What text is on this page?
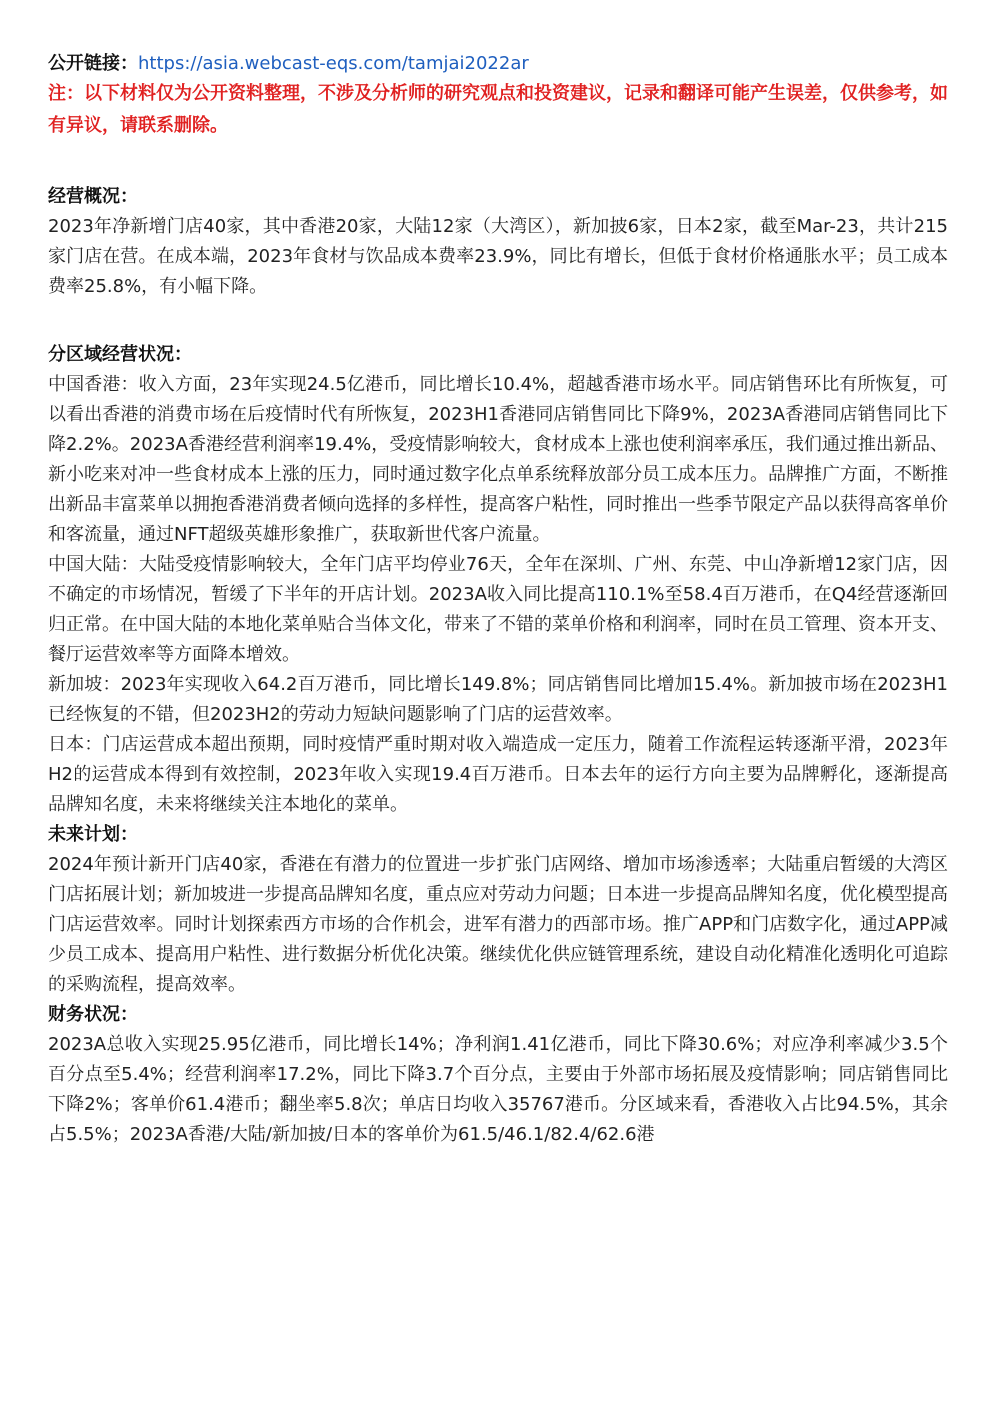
公开链接：https://asia.webcast-eqs.com/tamjai2022ar

注：以下材料仅为公开资料整理，不涉及分析师的研究观点和投资建议，记录和翻译可能产生误差，仅供参考，如有异议，请联系删除。

经营概况：

2023年净新增门店40家，其中香港20家，大陆12家（大湾区），新加披6家，日本2家，截至Mar-23，共计215家门店在营。在成本端，2023年食材与饮品成本费率23.9%，同比有增长，但低于食材价格通胀水平；员工成本费率25.8%，有小幅下降。

分区域经营状况：

中国香港：收入方面，23年实现24.5亿港币，同比增长10.4%，超越香港市场水平。同店销售环比有所恢复，可以看出香港的消费市场在后疫情时代有所恢复，2023H1香港同店销售同比下降9%，2023A香港同店销售同比下降2.2%。2023A香港经营利润率19.4%，受疫情影响较大，食材成本上涨也使利润率承压，我们通过推出新品、新小吃来对冲一些食材成本上涨的压力，同时通过数字化点单系统释放部分员工成本压力。品牌推广方面，不断推出新品丰富菜单以拥抱香港消费者倾向选择的多样性，提高客户粘性，同时推出一些季节限定产品以获得高客单价和客流量，通过NFT超级英雄形象推广，获取新世代客户流量。

中国大陆：大陆受疫情影响较大，全年门店平均停业76天，全年在深圳、广州、东莞、中山净新增12家门店，因不确定的市场情况，暂缓了下半年的开店计划。2023A收入同比提高110.1%至58.4百万港币，在Q4经营逐渐回归正常。在中国大陆的本地化菜单贴合当体文化，带来了不错的菜单价格和利润率，同时在员工管理、资本开支、餐厅运营效率等方面降本增效。

新加坡：2023年实现收入64.2百万港币，同比增长149.8%；同店销售同比增加15.4%。新加披市场在2023H1已经恢复的不错，但2023H2的劳动力短缺问题影响了门店的运营效率。

日本：门店运营成本超出预期，同时疫情严重时期对收入端造成一定压力，随着工作流程运转逐渐平滑，2023年H2的运营成本得到有效控制，2023年收入实现19.4百万港币。日本去年的运行方向主要为品牌孵化，逐渐提高品牌知名度，未来将继续关注本地化的菜单。

未来计划：

2024年预计新开门店40家，香港在有潜力的位置进一步扩张门店网络、增加市场渗透率；大陆重启暂缓的大湾区门店拓展计划；新加坡进一步提高品牌知名度，重点应对劳动力问题；日本进一步提高品牌知名度，优化模型提高门店运营效率。同时计划探索西方市场的合作机会，进军有潜力的西部市场。推广APP和门店数字化，通过APP减少员工成本、提高用户粘性、进行数据分析优化决策。继续优化供应链管理系统，建设自动化精准化透明化可追踪的采购流程，提高效率。

财务状况：

2023A总收入实现25.95亿港币，同比增长14%；净利润1.41亿港币，同比下降30.6%；对应净利率减少3.5个百分点至5.4%；经营利润率17.2%，同比下降3.7个百分点，主要由于外部市场拓展及疫情影响；同店销售同比下降2%；客单价61.4港币；翻坐率5.8次；单店日均收入35767港币。分区域来看，香港收入占比94.5%，其余占5.5%；2023A香港/大陆/新加披/日本的客单价为61.5/46.1/82.4/62.6港
